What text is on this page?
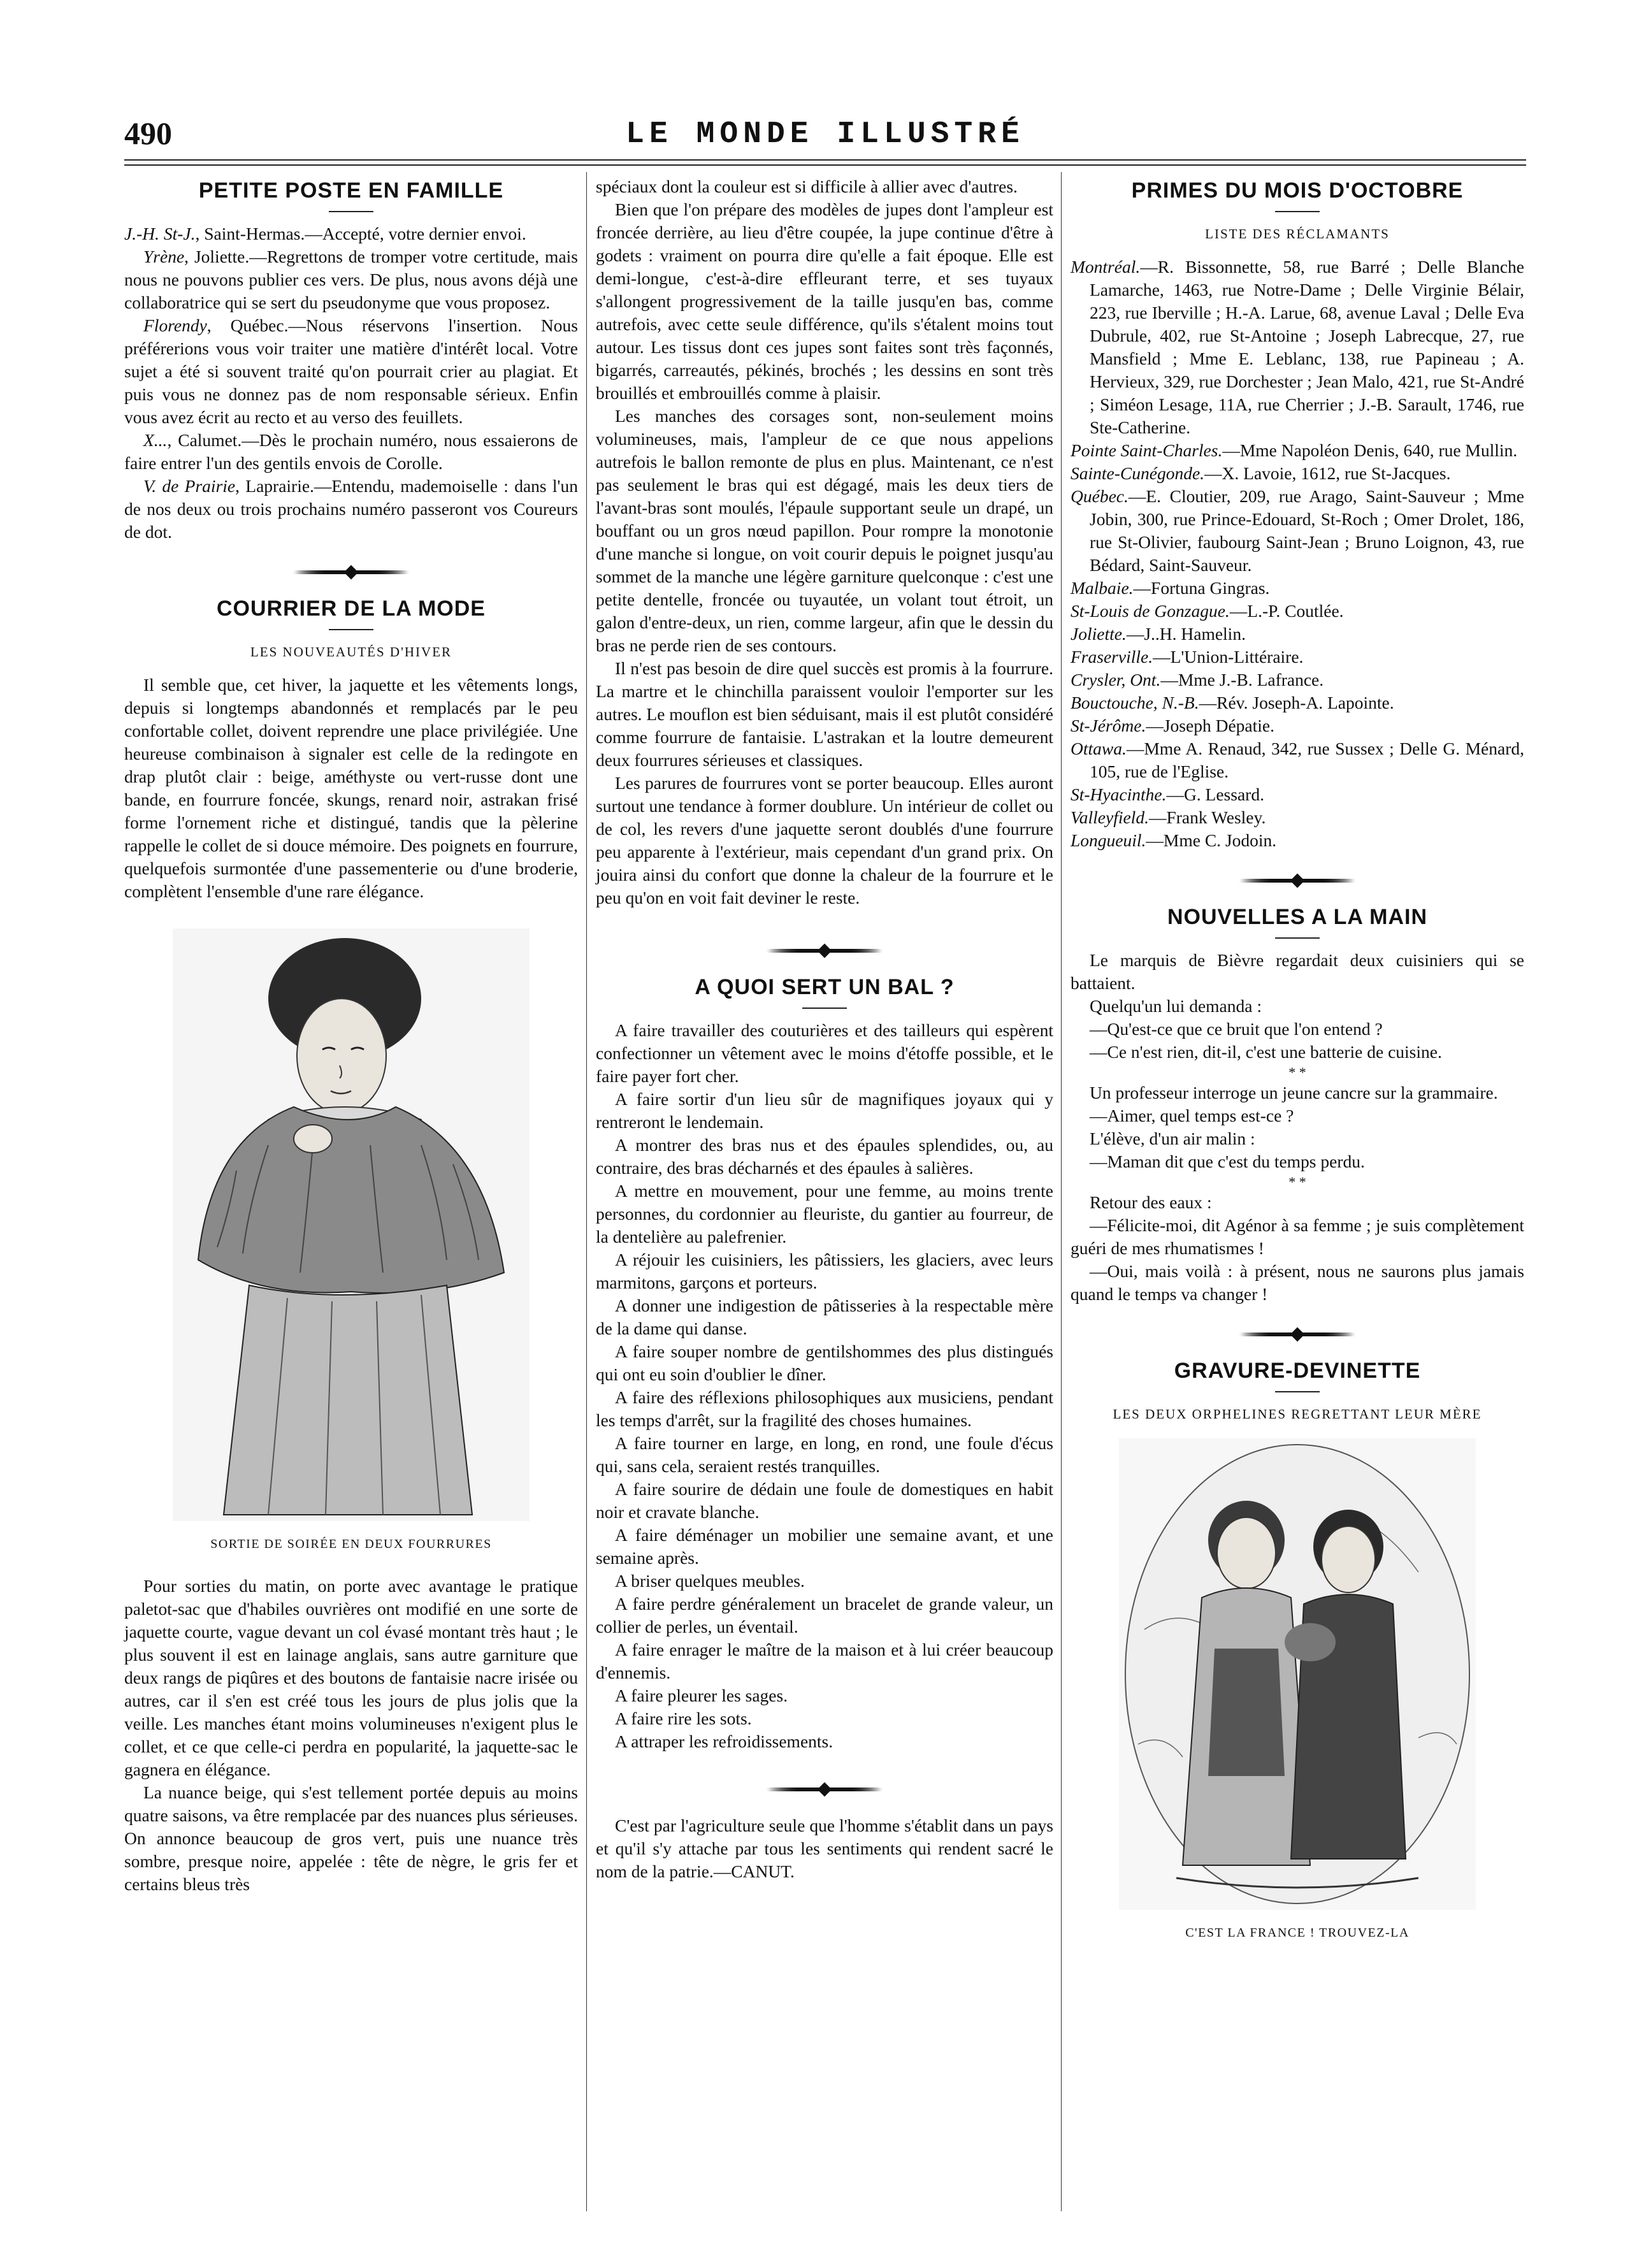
490	LE MONDE ILLUSTRÉ
PETITE POSTE EN FAMILLE

J.-H. St-J., Saint-Hermas.—Accepté, votre dernier envoi.

Yrène, Joliette.—Regrettons de tromper votre certitude, mais nous ne pouvons publier ces vers. De plus, nous avons déjà une collaboratrice qui se sert du pseudonyme que vous proposez.

Florendy, Québec.—Nous réservons l'insertion. Nous préférerions vous voir traiter une matière d'intérêt local. Votre sujet a été si souvent traité qu'on pourrait crier au plagiat. Et puis vous ne donnez pas de nom responsable sérieux. Enfin vous avez écrit au recto et au verso des feuillets.

X..., Calumet.—Dès le prochain numéro, nous essaierons de faire entrer l'un des gentils envois de Corolle.

V. de Prairie, Laprairie.—Entendu, mademoiselle : dans l'un de nos deux ou trois prochains numéro passeront vos Coureurs de dot.

COURRIER DE LA MODE
LES NOUVEAUTÉS D'HIVER

Il semble que, cet hiver, la jaquette et les vêtements longs, depuis si longtemps abandonnés et remplacés par le peu confortable collet, doivent reprendre une place privilégiée. Une heureuse combinaison à signaler est celle de la redingote en drap plutôt clair : beige, améthyste ou vert-russe dont une bande, en fourrure foncée, skungs, renard noir, astrakan frisé forme l'ornement riche et distingué, tandis que la pèlerine rappelle le collet de si douce mémoire. Des poignets en fourrure, quelquefois surmontée d'une passementerie ou d'une broderie, complètent l'ensemble d'une rare élégance.

SORTIE DE SOIRÉE EN DEUX FOURRURES

Pour sorties du matin, on porte avec avantage le pratique paletot-sac que d'habiles ouvrières ont modifié en une sorte de jaquette courte, vague devant un col évasé montant très haut ; le plus souvent il est en lainage anglais, sans autre garniture que deux rangs de piqûres et des boutons de fantaisie nacre irisée ou autres, car il s'en est créé tous les jours de plus jolis que la veille. Les manches étant moins volumineuses n'exigent plus le collet, et ce que celle-ci perdra en popularité, la jaquette-sac le gagnera en élégance.

La nuance beige, qui s'est tellement portée depuis au moins quatre saisons, va être remplacée par des nuances plus sérieuses. On annonce beaucoup de gros vert, puis une nuance très sombre, presque noire, appelée : tête de nègre, le gris fer et certains bleus très

spéciaux dont la couleur est si difficile à allier avec d'autres.

Bien que l'on prépare des modèles de jupes dont l'ampleur est froncée derrière, au lieu d'être coupée, la jupe continue d'être à godets : vraiment on pourra dire qu'elle a fait époque. Elle est demi-longue, c'est-à-dire effleurant terre, et ses tuyaux s'allongent progressivement de la taille jusqu'en bas, comme autrefois, avec cette seule différence, qu'ils s'étalent moins tout autour. Les tissus dont ces jupes sont faites sont très façonnés, bigarrés, carreautés, pékinés, brochés ; les dessins en sont très brouillés et embrouillés comme à plaisir.

Les manches des corsages sont, non-seulement moins volumineuses, mais, l'ampleur de ce que nous appelions autrefois le ballon remonte de plus en plus. Maintenant, ce n'est pas seulement le bras qui est dégagé, mais les deux tiers de l'avant-bras sont moulés, l'épaule supportant seule un drapé, un bouffant ou un gros nœud papillon. Pour rompre la monotonie d'une manche si longue, on voit courir depuis le poignet jusqu'au sommet de la manche une légère garniture quelconque : c'est une petite dentelle, froncée ou tuyautée, un volant tout étroit, un galon d'entre-deux, un rien, comme largeur, afin que le dessin du bras ne perde rien de ses contours.

Il n'est pas besoin de dire quel succès est promis à la fourrure. La martre et le chinchilla paraissent vouloir l'emporter sur les autres. Le mouflon est bien séduisant, mais il est plutôt considéré comme fourrure de fantaisie. L'astrakan et la loutre demeurent deux fourrures sérieuses et classiques.

Les parures de fourrures vont se porter beaucoup. Elles auront surtout une tendance à former doublure. Un intérieur de collet ou de col, les revers d'une jaquette seront doublés d'une fourrure peu apparente à l'extérieur, mais cependant d'un grand prix. On jouira ainsi du confort que donne la chaleur de la fourrure et le peu qu'on en voit fait deviner le reste.

A QUOI SERT UN BAL ?

A faire travailler des couturières et des tailleurs qui espèrent confectionner un vêtement avec le moins d'étoffe possible, et le faire payer fort cher.

A faire sortir d'un lieu sûr de magnifiques joyaux qui y rentreront le lendemain.

A montrer des bras nus et des épaules splendides, ou, au contraire, des bras décharnés et des épaules à salières.

A mettre en mouvement, pour une femme, au moins trente personnes, du cordonnier au fleuriste, du gantier au fourreur, de la dentelière au palefrenier.

A réjouir les cuisiniers, les pâtissiers, les glaciers, avec leurs marmitons, garçons et porteurs.

A donner une indigestion de pâtisseries à la respectable mère de la dame qui danse.

A faire souper nombre de gentilshommes des plus distingués qui ont eu soin d'oublier le dîner.

A faire des réflexions philosophiques aux musiciens, pendant les temps d'arrêt, sur la fragilité des choses humaines.

A faire tourner en large, en long, en rond, une foule d'écus qui, sans cela, seraient restés tranquilles.

A faire sourire de dédain une foule de domestiques en habit noir et cravate blanche.

A faire déménager un mobilier une semaine avant, et une semaine après.

A briser quelques meubles.

A faire perdre généralement un bracelet de grande valeur, un collier de perles, un éventail.

A faire enrager le maître de la maison et à lui créer beaucoup d'ennemis.

A faire pleurer les sages.

A faire rire les sots.

A attraper les refroidissements.

C'est par l'agriculture seule que l'homme s'établit dans un pays et qu'il s'y attache par tous les sentiments qui rendent sacré le nom de la patrie.—CANUT.

PRIMES DU MOIS D'OCTOBRE
LISTE DES RÉCLAMANTS

Montréal.—R. Bissonnette, 58, rue Barré ; Delle Blanche Lamarche, 1463, rue Notre-Dame ; Delle Virginie Bélair, 223, rue Iberville ; H.-A. Larue, 68, avenue Laval ; Delle Eva Dubrule, 402, rue St-Antoine ; Joseph Labrecque, 27, rue Mansfield ; Mme E. Leblanc, 138, rue Papineau ; A. Hervieux, 329, rue Dorchester ; Jean Malo, 421, rue St-André ; Siméon Lesage, 11A, rue Cherrier ; J.-B. Sarault, 1746, rue Ste-Catherine.

Pointe Saint-Charles.—Mme Napoléon Denis, 640, rue Mullin.

Sainte-Cunégonde.—X. Lavoie, 1612, rue St-Jacques.

Québec.—E. Cloutier, 209, rue Arago, Saint-Sauveur ; Mme Jobin, 300, rue Prince-Edouard, St-Roch ; Omer Drolet, 186, rue St-Olivier, faubourg Saint-Jean ; Bruno Loignon, 43, rue Bédard, Saint-Sauveur.

Malbaie.—Fortuna Gingras.

St-Louis de Gonzague.—L.-P. Coutlée.

Joliette.—J..H. Hamelin.

Fraserville.—L'Union-Littéraire.

Crysler, Ont.—Mme J.-B. Lafrance.

Bouctouche, N.-B.—Rév. Joseph-A. Lapointe.

St-Jérôme.—Joseph Dépatie.

Ottawa.—Mme A. Renaud, 342, rue Sussex ; Delle G. Ménard, 105, rue de l'Eglise.

St-Hyacinthe.—G. Lessard.

Valleyfield.—Frank Wesley.

Longueuil.—Mme C. Jodoin.

NOUVELLES A LA MAIN

Le marquis de Bièvre regardait deux cuisiniers qui se battaient.

Quelqu'un lui demanda :

—Qu'est-ce que ce bruit que l'on entend ?

—Ce n'est rien, dit-il, c'est une batterie de cuisine.

* *

Un professeur interroge un jeune cancre sur la grammaire.

—Aimer, quel temps est-ce ?

L'élève, d'un air malin :

—Maman dit que c'est du temps perdu.

* *

Retour des eaux :

—Félicite-moi, dit Agénor à sa femme ; je suis complètement guéri de mes rhumatismes !

—Oui, mais voilà : à présent, nous ne saurons plus jamais quand le temps va changer !

GRAVURE-DEVINETTE
LES DEUX ORPHELINES REGRETTANT LEUR MÈRE
C'EST LA FRANCE ! TROUVEZ-LA
